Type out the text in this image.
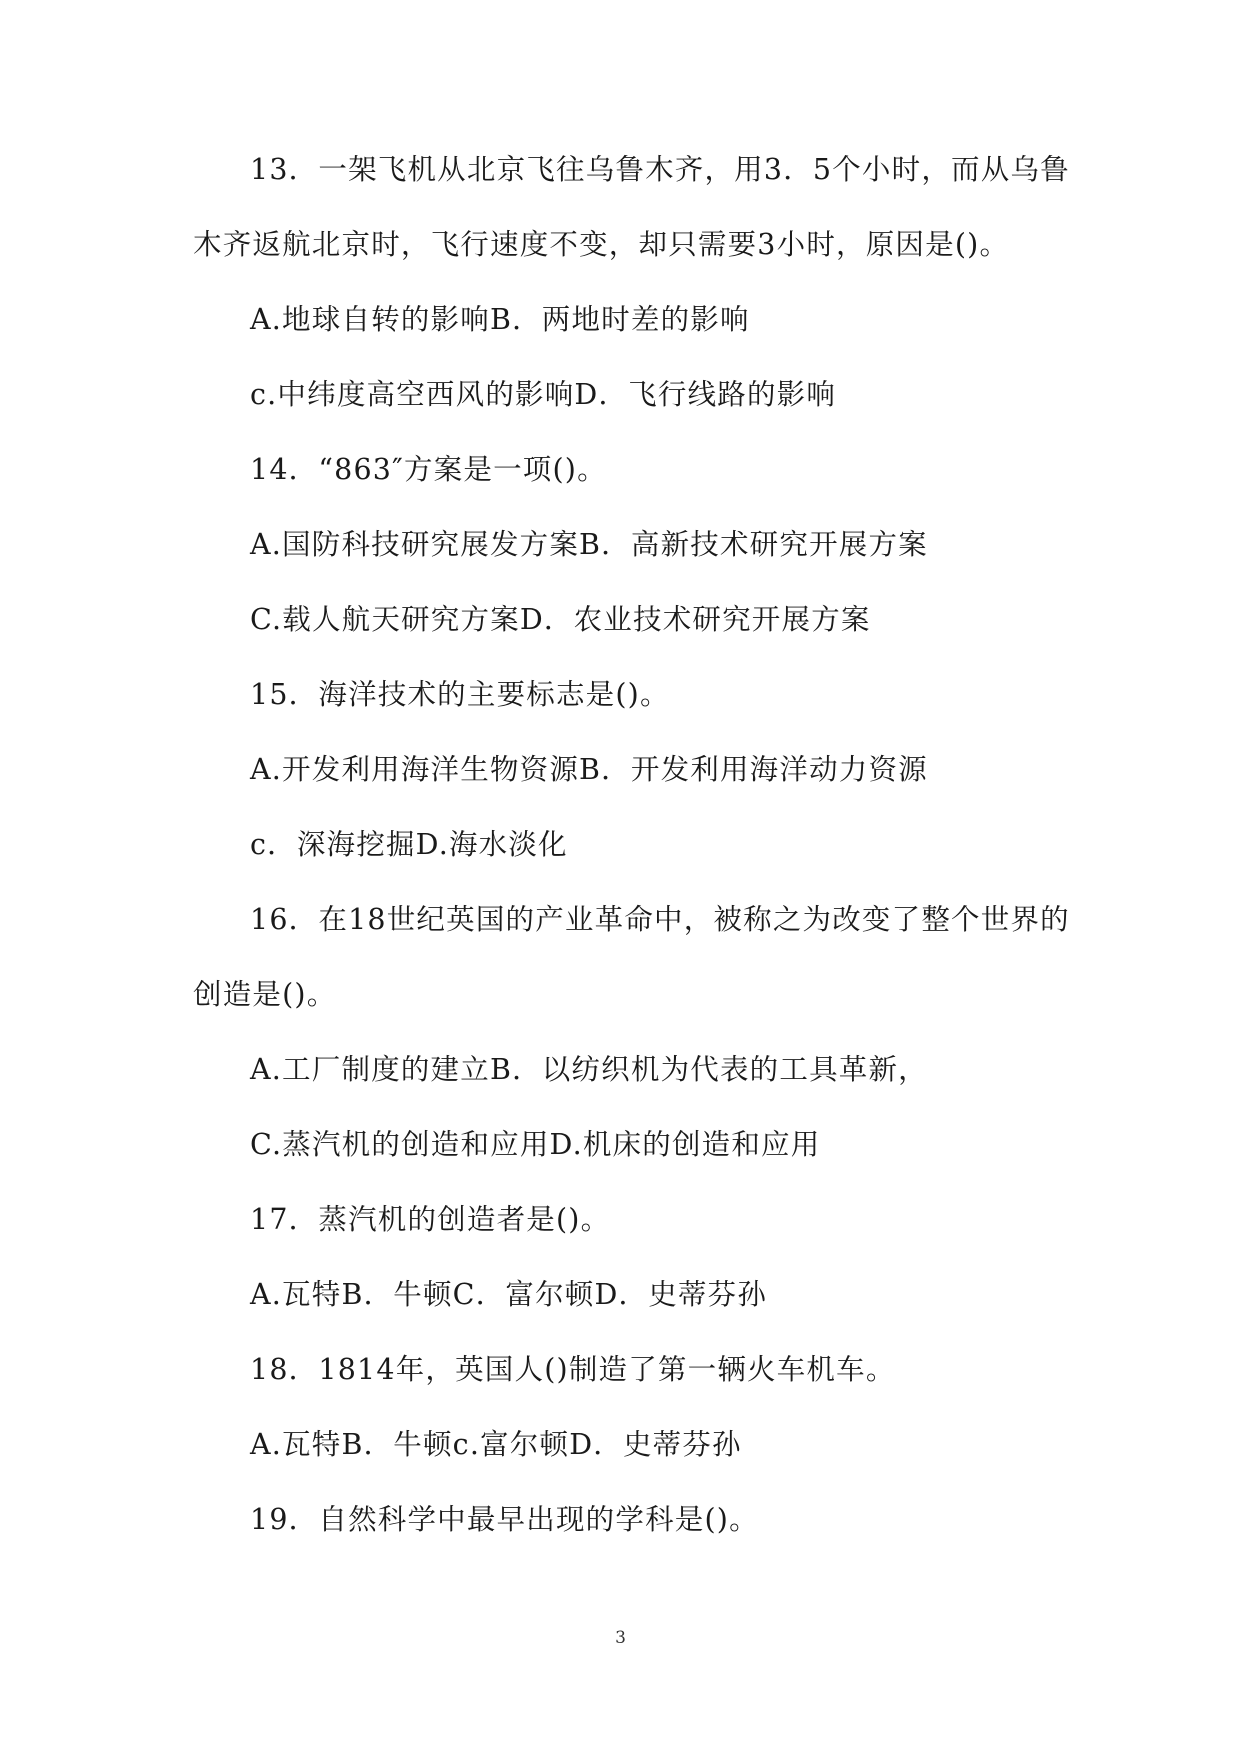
13．一架飞机从北京飞往乌鲁木齐，用3．5个小时，而从乌鲁
木齐返航北京时，飞行速度不变，却只需要3小时，原因是()。
A.地球自转的影响B．两地时差的影响
c.中纬度高空西风的影响D．飞行线路的影响
14．“863″方案是一项()。
A.国防科技研究展发方案B．高新技术研究开展方案
C.载人航天研究方案D．农业技术研究开展方案
15．海洋技术的主要标志是()。
A.开发利用海洋生物资源B．开发利用海洋动力资源
c．深海挖掘D.海水淡化
16．在18世纪英国的产业革命中，被称之为改变了整个世界的
创造是()。
A.工厂制度的建立B．以纺织机为代表的工具革新，
C.蒸汽机的创造和应用D.机床的创造和应用
17．蒸汽机的创造者是()。
A.瓦特B．牛顿C．富尔顿D．史蒂芬孙
18．1814年，英国人()制造了第一辆火车机车。
A.瓦特B．牛顿c.富尔顿D．史蒂芬孙
19．自然科学中最早出现的学科是()。
3
